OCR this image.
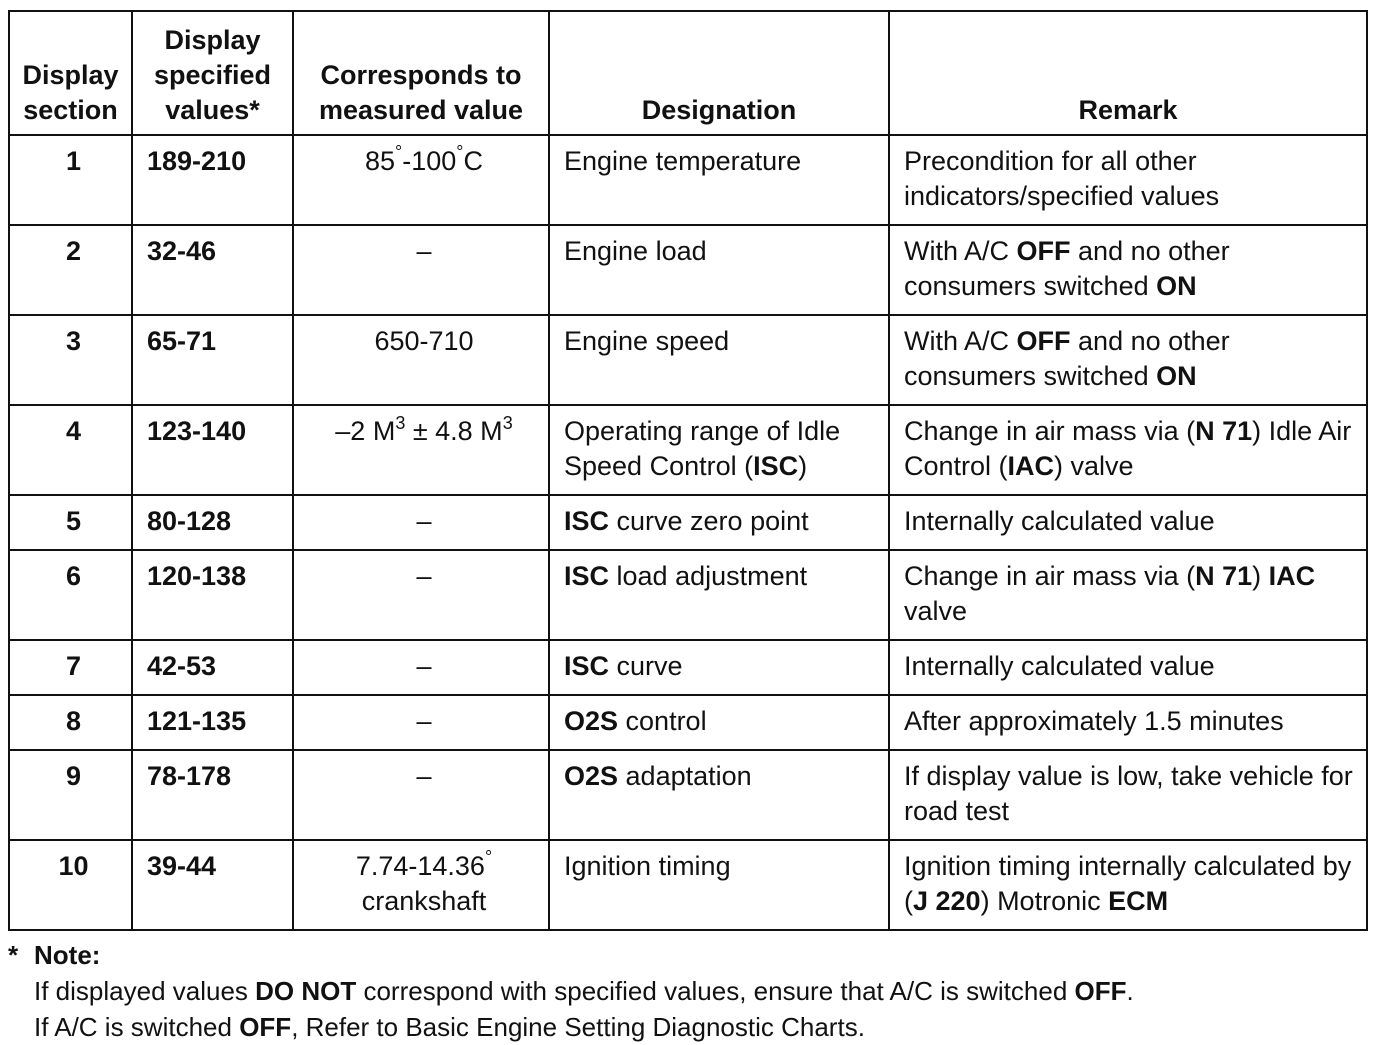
Display section	Display specified values*	Corresponds to measured value	Designation	Remark
1	189-210	85°-100°C	Engine temperature	Precondition for all other indicators/specified values
2	32-46	–	Engine load	With A/C OFF and no other consumers switched ON
3	65-71	650-710	Engine speed	With A/C OFF and no other consumers switched ON
4	123-140	–2 $M^3 \pm 4.8$ $M^3$	Operating range of Idle Speed Control (ISC)	Change in air mass via (N 71) Idle Air Control (IAC) valve
5	80-128	–	ISC curve zero point	Internally calculated value
6	120-138	–	ISC load adjustment	Change in air mass via (N 71) IAC valve
7	42-53	–	ISC curve	Internally calculated value
8	121-135	–	O2S control	After approximately 1.5 minutes
9	78-178	–	O2S adaptation	If display value is low, take vehicle for road test
10	39-44	7.74-14.36° crankshaft	Ignition timing	Ignition timing internally calculated by (J 220) Motronic ECM
* Note:
If displayed values DO NOT correspond with specified values, ensure that A/C is switched OFF.
If A/C is switched OFF, Refer to Basic Engine Setting Diagnostic Charts.
